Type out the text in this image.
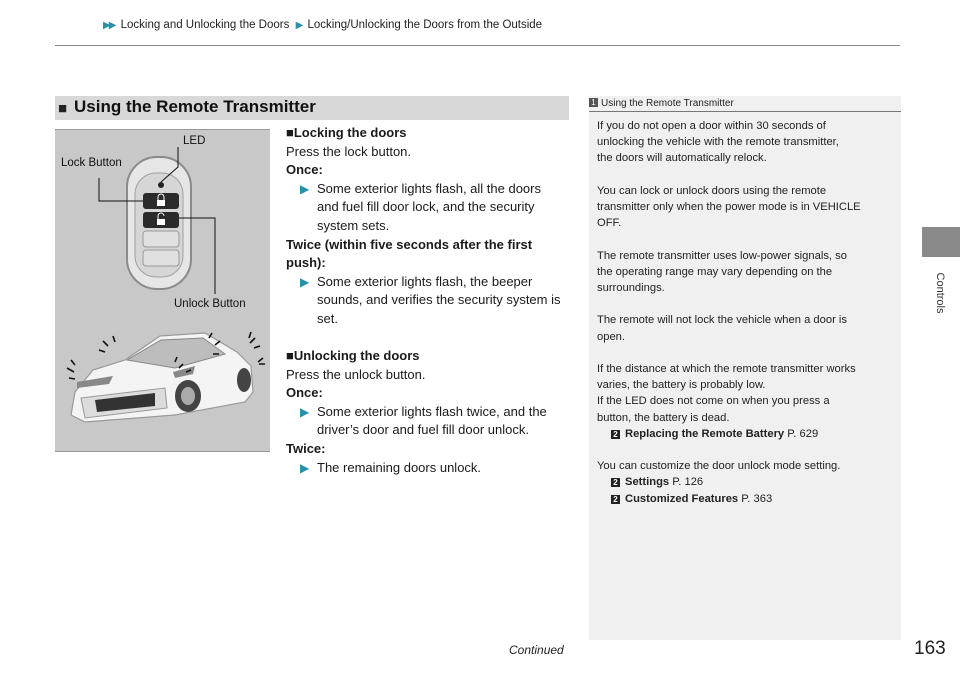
▶▶ Locking and Unlocking the Doors ▶ Locking/Unlocking the Doors from the Outside
Controls
■ Using the Remote Transmitter
LED
Lock Button
Unlock Button
■Locking the doors
Press the lock button.
Once:
▶ Some exterior lights flash, all the doors
and fuel fill door lock, and the security
system sets.
Twice (within five seconds after the first
push):
▶ Some exterior lights flash, the beeper
sounds, and verifies the security system is
set.
■Unlocking the doors
Press the unlock button.
Once:
▶ Some exterior lights flash twice, and the
driver’s door and fuel fill door unlock.
Twice:
▶ The remaining doors unlock.
1 Using the Remote Transmitter

If you do not open a door within 30 seconds of
unlocking the vehicle with the remote transmitter,
the doors will automatically relock.

You can lock or unlock doors using the remote
transmitter only when the power mode is in VEHICLE
OFF.

The remote transmitter uses low-power signals, so
the operating range may vary depending on the
surroundings.

The remote will not lock the vehicle when a door is
open.

If the distance at which the remote transmitter works
varies, the battery is probably low.
If the LED does not come on when you press a
button, the battery is dead.

2 Replacing the Remote Battery P. 629
You can customize the door unlock mode setting.
2 Settings P. 126
2 Customized Features P. 363
Continued	163
